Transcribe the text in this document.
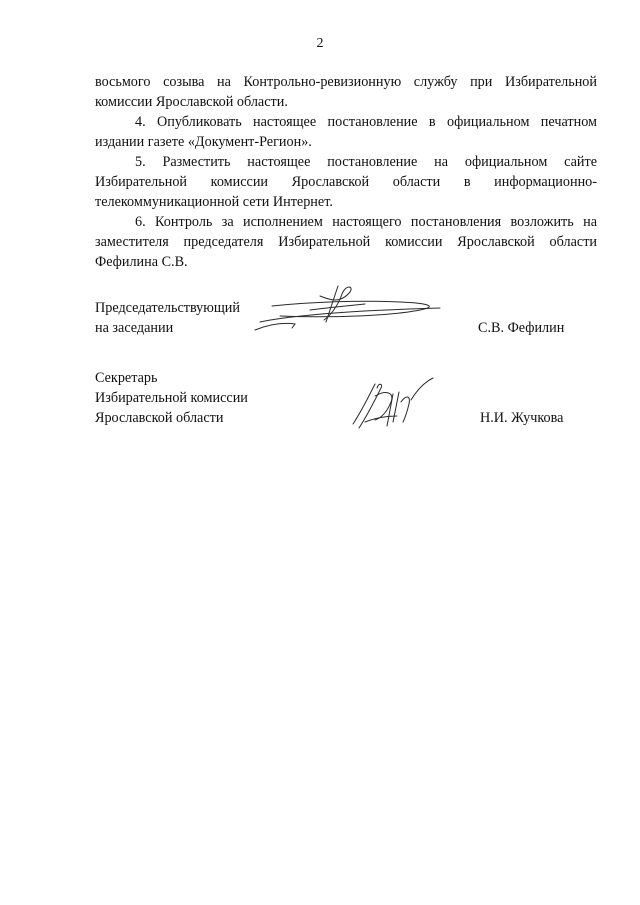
2

восьмого созыва на Контрольно-ревизионную службу при Избирательной комиссии Ярославской области.

4. Опубликовать настоящее постановление в официальном печатном издании газете «Документ-Регион».

5. Разместить настоящее постановление на официальном сайте Избирательной комиссии Ярославской области в информационно-телекоммуникационной сети Интернет.

6. Контроль за исполнением настоящего постановления возложить на заместителя председателя Избирательной комиссии Ярославской области Фефилина С.В.

Председательствующий
на заседании	С.В. Фефилин
Секретарь
Избирательной комиссии
Ярославской области	Н.И. Жучкова
